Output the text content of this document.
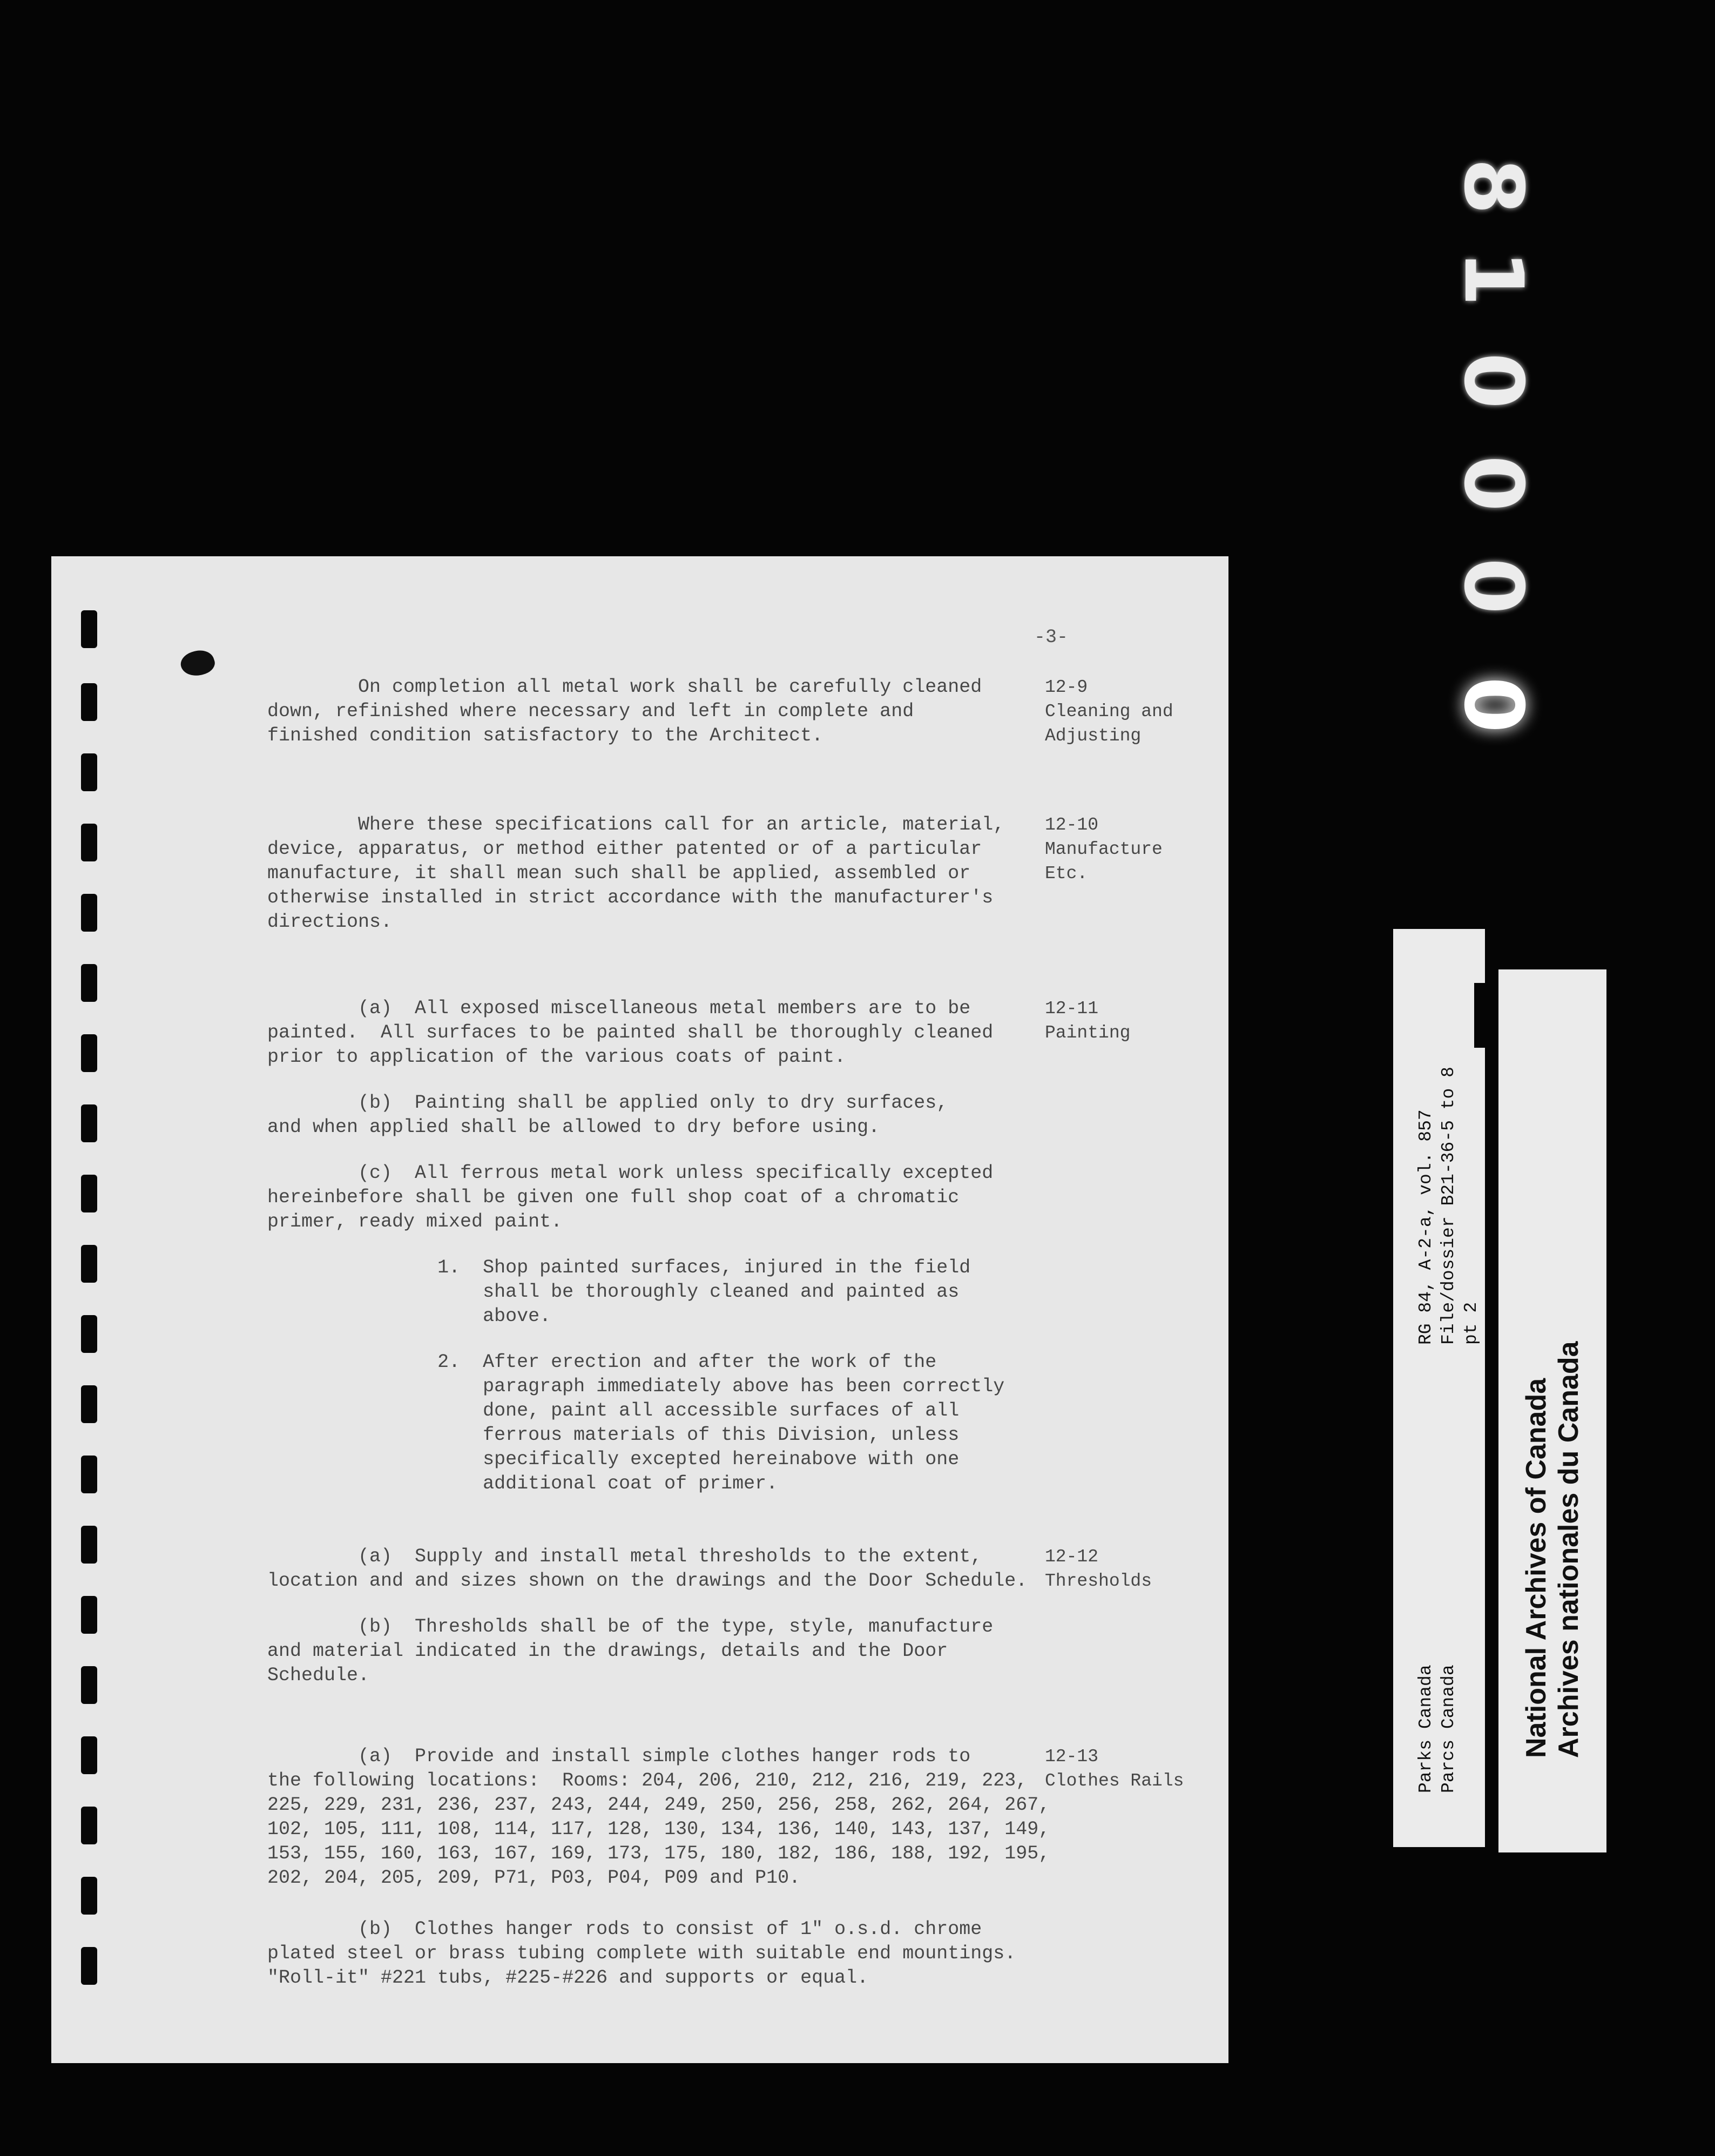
8
1
0
0
0
0
-3-
On completion all metal work shall be carefully cleaned
down, refinished where necessary and left in complete and
finished condition satisfactory to the Architect.
12-9
Cleaning and
Adjusting
Where these specifications call for an article, material,
device, apparatus, or method either patented or of a particular
manufacture, it shall mean such shall be applied, assembled or
otherwise installed in strict accordance with the manufacturer's
directions.
12-10
Manufacture
Etc.
(a)  All exposed miscellaneous metal members are to be
painted.  All surfaces to be painted shall be thoroughly cleaned
prior to application of the various coats of paint.
(b)  Painting shall be applied only to dry surfaces,
and when applied shall be allowed to dry before using.
(c)  All ferrous metal work unless specifically excepted
hereinbefore shall be given one full shop coat of a chromatic
primer, ready mixed paint.
1.  Shop painted surfaces, injured in the field
shall be thoroughly cleaned and painted as
above.
2.  After erection and after the work of the
paragraph immediately above has been correctly
done, paint all accessible surfaces of all
ferrous materials of this Division, unless
specifically excepted hereinabove with one
additional coat of primer.
12-11
Painting
(a)  Supply and install metal thresholds to the extent,
location and and sizes shown on the drawings and the Door Schedule.
(b)  Thresholds shall be of the type, style, manufacture
and material indicated in the drawings, details and the Door
Schedule.
12-12
Thresholds
(a)  Provide and install simple clothes hanger rods to
the following locations:  Rooms: 204, 206, 210, 212, 216, 219, 223,
225, 229, 231, 236, 237, 243, 244, 249, 250, 256, 258, 262, 264, 267,
102, 105, 111, 108, 114, 117, 128, 130, 134, 136, 140, 143, 137, 149,
153, 155, 160, 163, 167, 169, 173, 175, 180, 182, 186, 188, 192, 195,
202, 204, 205, 209, P71, P03, P04, P09 and P10.
(b)  Clothes hanger rods to consist of 1" o.s.d. chrome
plated steel or brass tubing complete with suitable end mountings.
"Roll-it" #221 tubs, #225-#226 and supports or equal.
12-13
Clothes Rails
RG 84, A-2-a, vol. 857
File/dossier B21-36-5 to 8
pt 2
Parks Canada
Parcs Canada National Archives of Canada
Archives nationales du Canada
